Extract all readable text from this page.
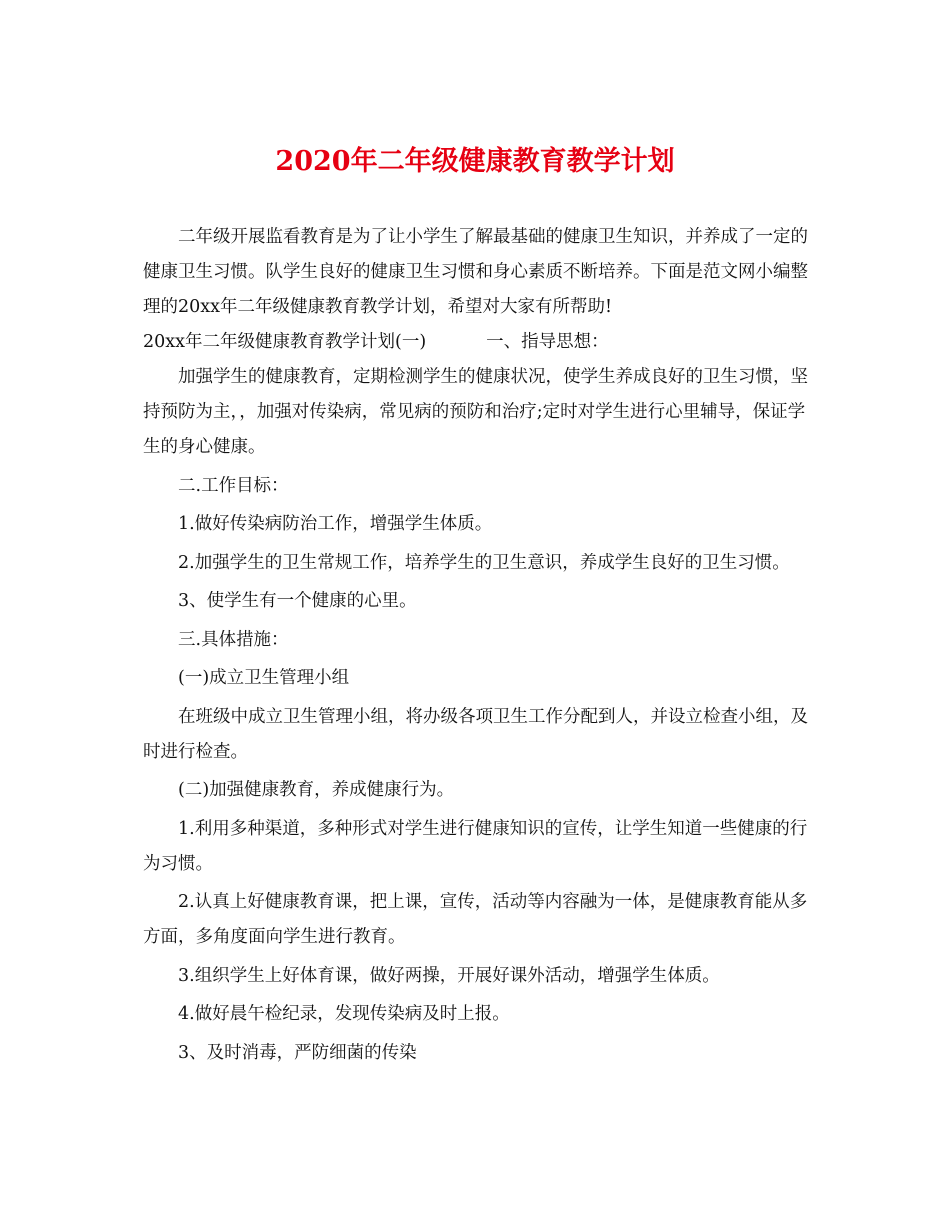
2020年二年级健康教育教学计划

二年级开展监看教育是为了让小学生了解最基础的健康卫生知识，并养成了一定的健康卫生习惯。队学生良好的健康卫生习惯和身心素质不断培养。下面是范文网小编整理的20xx年二年级健康教育教学计划，希望对大家有所帮助!

20xx年二年级健康教育教学计划(一)	一、指导思想：

加强学生的健康教育，定期检测学生的健康状况，使学生养成良好的卫生习惯，坚持预防为主，，加强对传染病，常见病的预防和治疗;定时对学生进行心里辅导，保证学生的身心健康。

二.工作目标：

1.做好传染病防治工作，增强学生体质。

2.加强学生的卫生常规工作，培养学生的卫生意识，养成学生良好的卫生习惯。

3、使学生有一个健康的心里。

三.具体措施：

(一)成立卫生管理小组

在班级中成立卫生管理小组，将办级各项卫生工作分配到人，并设立检查小组，及时进行检查。

(二)加强健康教育，养成健康行为。

1.利用多种渠道，多种形式对学生进行健康知识的宣传，让学生知道一些健康的行为习惯。

2.认真上好健康教育课，把上课，宣传，活动等内容融为一体，是健康教育能从多方面，多角度面向学生进行教育。

3.组织学生上好体育课，做好两操，开展好课外活动，增强学生体质。

4.做好晨午检纪录，发现传染病及时上报。

3、及时消毒，严防细菌的传染
